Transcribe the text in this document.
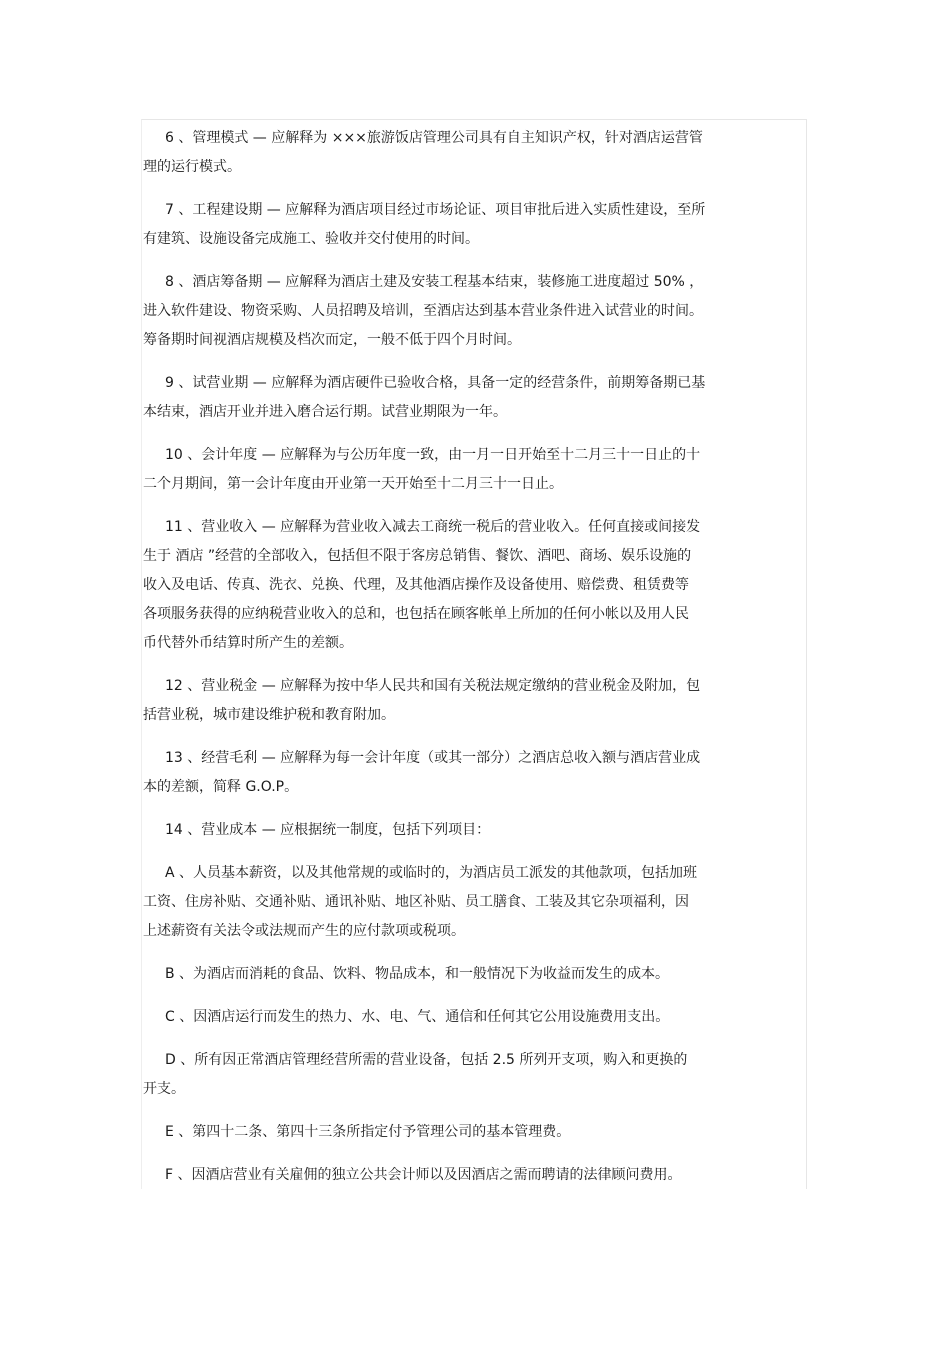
6 、管理模式 — 应解释为 ×××旅游饭店管理公司具有自主知识产权，针对酒店运营管
理的运行模式。
7 、工程建设期 — 应解释为酒店项目经过市场论证、项目审批后进入实质性建设，至所
有建筑、设施设备完成施工、验收并交付使用的时间。
8 、酒店筹备期 — 应解释为酒店土建及安装工程基本结束，装修施工进度超过 50% ，
进入软件建设、物资采购、人员招聘及培训，至酒店达到基本营业条件进入试营业的时间。
筹备期时间视酒店规模及档次而定，一般不低于四个月时间。
9 、试营业期 — 应解释为酒店硬件已验收合格，具备一定的经营条件，前期筹备期已基
本结束，酒店开业并进入磨合运行期。试营业期限为一年。
10 、会计年度 — 应解释为与公历年度一致，由一月一日开始至十二月三十一日止的十
二个月期间，第一会计年度由开业第一天开始至十二月三十一日止。
11 、营业收入 — 应解释为营业收入减去工商统一税后的营业收入。任何直接或间接发
生于 酒店 ”经营的全部收入，包括但不限于客房总销售、餐饮、酒吧、商场、娱乐设施的
收入及电话、传真、洗衣、兑换、代理，及其他酒店操作及设备使用、赔偿费、租赁费等
各项服务获得的应纳税营业收入的总和，也包括在顾客帐单上所加的任何小帐以及用人民
币代替外币结算时所产生的差额。
12 、营业税金 — 应解释为按中华人民共和国有关税法规定缴纳的营业税金及附加，包
括营业税，城市建设维护税和教育附加。
13 、经营毛利 — 应解释为每一会计年度（或其一部分）之酒店总收入额与酒店营业成
本的差额，简释 G.O.P。
14 、营业成本 — 应根据统一制度，包括下列项目：
A 、人员基本薪资，以及其他常规的或临时的，为酒店员工派发的其他款项，包括加班
工资、住房补贴、交通补贴、通讯补贴、地区补贴、员工膳食、工装及其它杂项福利，因
上述薪资有关法令或法规而产生的应付款项或税项。
B 、为酒店而消耗的食品、饮料、物品成本，和一般情况下为收益而发生的成本。
C 、因酒店运行而发生的热力、水、电、气、通信和任何其它公用设施费用支出。
D 、所有因正常酒店管理经营所需的营业设备，包括 2.5 所列开支项，购入和更换的
开支。
E 、第四十二条、第四十三条所指定付予管理公司的基本管理费。
F 、因酒店营业有关雇佣的独立公共会计师以及因酒店之需而聘请的法律顾问费用。
